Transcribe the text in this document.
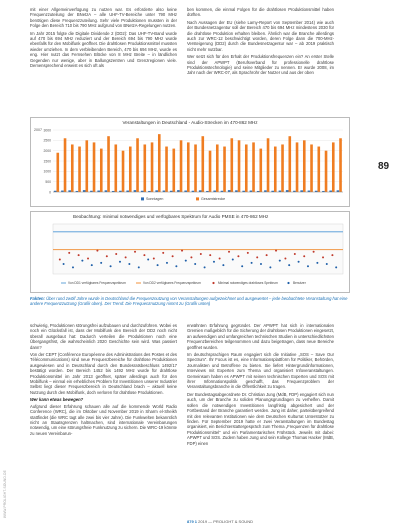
mit einer Allgemeinverfügung zu nutzen war. Es erforderte also keine Frequenzzuteilung der BNetzA – alle UHF-TV-Bereiche unter 790 MHz benötigen diese Frequenzzuteilung. Sehr viele Produktionen mussten in der Folge den Bereich 710 bis 790 MHz aufgrund von BNetzA-Regelungen nutzen.

Im Jahr 2015 folgte die Digitale Dividende 2 (DD2): Das UHF-TV-Band wurde auf 470 bis 694 MHz reduziert und der Bereich 694 bis 790 MHz wurde ebenfalls für den Mobilfunk geöffnet. Die drahtlosen Produktionsmittel mussten wieder umziehen. In dem verbleibenden Bereich, 470 bis 694 MHz, wurde es eng. Hier nutzt das Fernsehen Blöcke von 8 MHz Breite – in ländlichen Gegenden nur wenige, aber in Ballungszentren und Grenzregionen viele. Demensprechend erweist es sich oft als

ben kommen, die einmal Folgen für die drahtlosen Produktionsmittel haben dürften.

Nach Aussagen der EU (siehe Lamy-Report von September 2014) wie auch der Bundesnetzagentur soll der Bereich 470 bis 694 MHz mindestens 2030 für die drahtlose Produktion erhalten bleiben. Ähnlich war die Branche allerdings auch zur WRC-12 beschwichtigt worden, deren Folge dann die 700-MHz-Versteigerung (DD2) durch die Bundesnetzagentur war – ab 2019 praktisch nicht mehr nutzbar.

Wer setzt sich für den Erhalt der Produktionsfrequenzen ein? An erster Stelle sind der APWPT (Berufsverband für professionelle drahtlose Produktionstechnologie) und seine Mitglieder zu nennen. Er wurde 2008, im Jahr nach der WRC-07, als Sprachrohr der Nutzer und aus der oben

89
Veranstaltungen in Deutschland - Audio-Strecken im 470-862 MHz
0
500
1000
1500
2000
2500
3000
2007
Sonntagen	Gesamtstrecke
Beobachtung: minimal notwendiges und verfügbares Spektrum für Audio PMSE in 470-862 MHz
Von DD1 verfügbares Frequenzspektrum	Von DD2 verfügbares Frequenzspektrum	Minimal notwendiges drahtloses Spektrum	Benutzer
Fakten: Über rund zwölf Jahre wurde in Deutschland die Frequenznutzung von Veranstaltungen aufgezeichnet und ausgewertet – jede beobachtete Veranstaltung hat eine andere Frequenzzutzung (Grafik oben). Der Trend: Die Frequenznutzung nimmt zu (Grafik unten)

schwierig, Produktionen störungsfrei aufzubauen und durchzuführen. Wobei es noch ein Glücksfall ist, dass der Mobilfunk den Bereich der DD2 noch nicht überall ausgebaut hat: Dadurch verteilen die Produktionen noch eine Übergangsfrist, die wahrscheinlich 2020 Geschichte sein wird. Was passiert dann?

Von der CEPT (Conférence Européenne des Administrations des Postes et des Télécommunications) sind neue Frequenzbereiche für drahtlose Produktionen ausgewiesen und in Deutschland durch den Bundesratsbeschluss 1492/17 bestätigt worden. Der Bereich 1452 bis 1492 MHz wurde für drahtlose Produktionsmittel im Jahr 2013 geöffnet, später allerdings auch für den Mobilfunk – einmal ein erhebliches Problem für Investitionen unserer Industrie! Selbst liegt dieser Frequenzbereich in Deutschland brach – aktuell keine Nutzung durch den Mobilfunk, doch verloren für drahtlose Produktionen.

Wer kann etwas bewegen?

Aufgrund dieser Erfahrung schauen alle auf die kommende World Radio Conference (WRC), die im Oktober und November 2019 in Sharm el-Sheikh stattfindet (die WRC tagt alle zwei bis vier Jahre). Die Funkwelten bekanntlich nicht an Staatsgrenzen haltmachen, sind internationale Vereinbarungen notwendig, um eine störungsfreie Funknutzung zu sichern. Die WRC-19 könnte zu neuen Vereinbarun-

erwähnten Erfahrung gegründet. Der APWPT hat sich in internationalen Gremien maßgeblich für die Sicherung der drahtlosen Produktionen eingesetzt, an aufwendigen und umfangreichen technischen Studien in unterschiedlichsten Frequenzbereichen teilgenommen und dazu beigetragen, dass neue Bereiche geöffnet wurden.

Im deutschsprachigen Raum engagiert sich die Initiative „SOS – Save Our Spectrum“. Ihr Focus ist es, eine Informationsplattform für Politiker, Behörden, Journalisten und Betroffene zu bieten. Sie liefert Hintergrundinformationen, Interviews mit Experten zum Thema und organisiert Infoveranstaltungen. Gemeinsam haben es APWPT mit seinen technischen Experten und SOS mit ihrer Informationspolitik geschafft, das Frequenzproblem der Veranstaltungsbranche in die Öffentlichkeit zu tragen.

Der Bundestagsabgeordnete Dr. Christian Jung (MdB, FDP) engagiert sich nun auch, um der Branche zu soliden Planungsgrundlagen zu verhelfen. Damit sollen die notwendigen Investitionen langfristig abgesichert und der Fortbestand der Branche garantiert werden. Jung ist daher, parteiübergreifend mit den relevanten Institutionen wie dem Deutschen Kulturrat Unterstützer zu finden. Für September 2019 hatte er zwei Veranstaltungen im Bundestag organisiert, ein Berichterstattergespräch zum Thema „Frequenzen für drahtlose Produktionsmittel“ und ein Parlamentarisches Frühstück. Jeweils mit dabei: APWPT und SOS. Zudem haben Jung und sein Kollege Thomas Hacker (MdB, FDP) einen

WWW.PROLIGHT-SOUND.DE
879 1 2019 — PROLIGHT & SOUND
